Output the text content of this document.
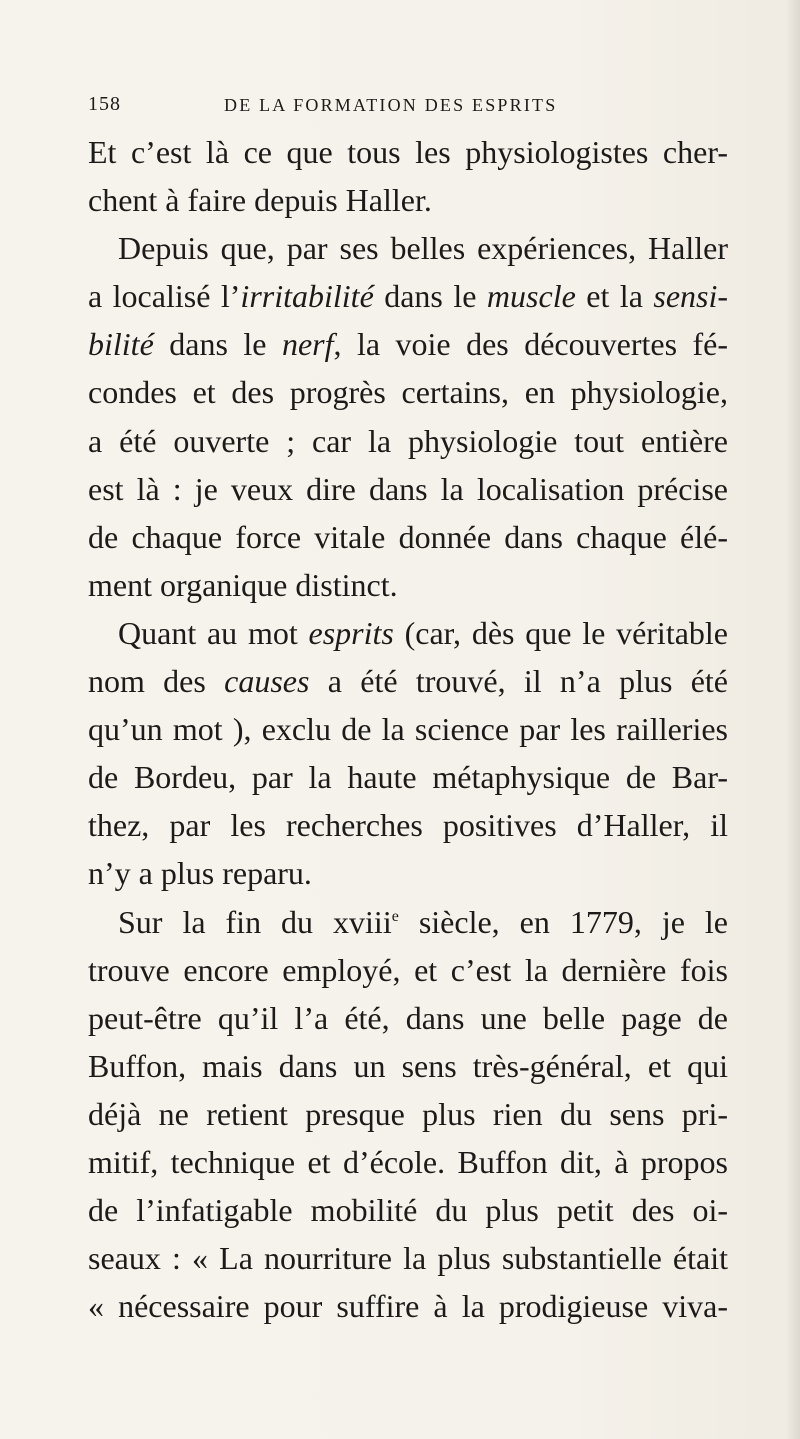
158	DE LA FORMATION DES ESPRITS
Et c’est là ce que tous les physiologistes cher-
chent à faire depuis Haller.
Depuis que, par ses belles expériences, Haller
a localisé l’irritabilité dans le muscle et la sensi-
bilité dans le nerf, la voie des découvertes fé-
condes et des progrès certains, en physiologie,
a été ouverte ; car la physiologie tout entière
est là : je veux dire dans la localisation précise
de chaque force vitale donnée dans chaque élé-
ment organique distinct.
Quant au mot esprits (car, dès que le véritable
nom des causes a été trouvé, il n’a plus été
qu’un mot ), exclu de la science par les railleries
de Bordeu, par la haute métaphysique de Bar-
thez, par les recherches positives d’Haller, il
n’y a plus reparu.
Sur la fin du xviii$^e$ siècle, en 1779, je le
trouve encore employé, et c’est la dernière fois
peut-être qu’il l’a été, dans une belle page de
Buffon, mais dans un sens très-général, et qui
déjà ne retient presque plus rien du sens pri-
mitif, technique et d’école. Buffon dit, à propos
de l’infatigable mobilité du plus petit des oi-
seaux : « La nourriture la plus substantielle était
« nécessaire pour suffire à la prodigieuse viva-
